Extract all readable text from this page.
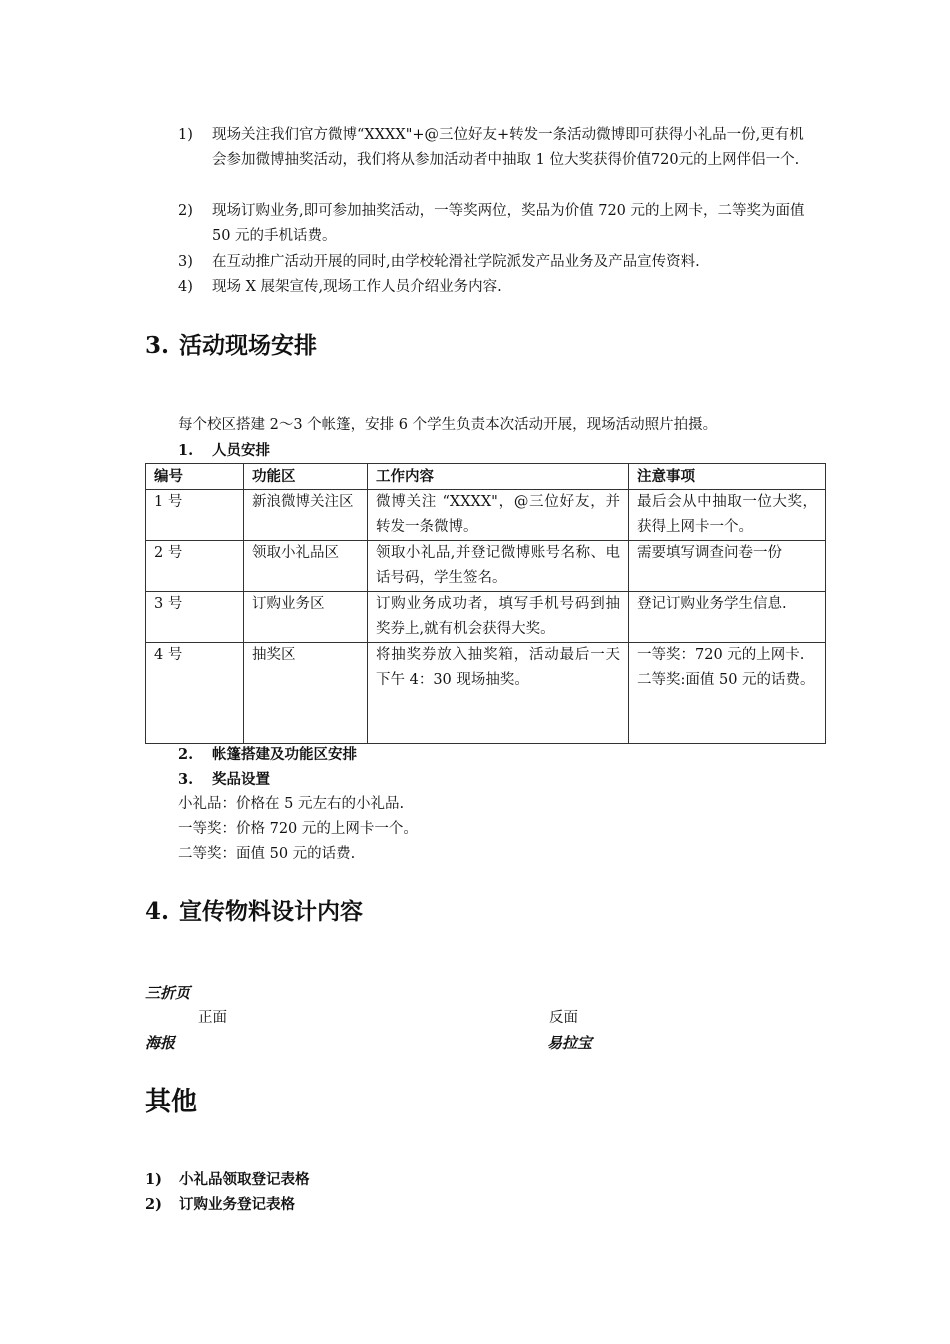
1)	现场关注我们官方微博“XXXX"+@三位好友+转发一条活动微博即可获得小礼品一份,更有机会参加微博抽奖活动，我们将从参加活动者中抽取 1 位大奖获得价值720元的上网伴侣一个.
2)	现场订购业务,即可参加抽奖活动，一等奖两位，奖品为价值 720 元的上网卡，二等奖为面值 50 元的手机话费。
3)	在互动推广活动开展的同时,由学校轮滑社学院派发产品业务及产品宣传资料.
4)	现场 X 展架宣传,现场工作人员介绍业务内容.
3. 活动现场安排
每个校区搭建 2～3 个帐篷，安排 6 个学生负责本次活动开展，现场活动照片拍摄。
1. 人员安排
编号	功能区	工作内容	注意事项
1 号	新浪微博关注区	微博关注 “XXXX"，@三位好友，并转发一条微博。	最后会从中抽取一位大奖，获得上网卡一个。
2 号	领取小礼品区	领取小礼品,并登记微博账号名称、电话号码，学生签名。	需要填写调查问卷一份
3 号	订购业务区	订购业务成功者，填写手机号码到抽奖券上,就有机会获得大奖。	登记订购业务学生信息.
4 号	抽奖区	将抽奖券放入抽奖箱，活动最后一天下午 4：30 现场抽奖。	一等奖：720 元的上网卡.
二等奖:面值 50 元的话费。
2. 帐篷搭建及功能区安排
3. 奖品设置
小礼品：价格在 5 元左右的小礼品.
一等奖：价格 720 元的上网卡一个。
二等奖：面值 50 元的话费.
4. 宣传物料设计内容
三折页
正面	反面
海报	易拉宝
其他
1) 小礼品领取登记表格
2) 订购业务登记表格
